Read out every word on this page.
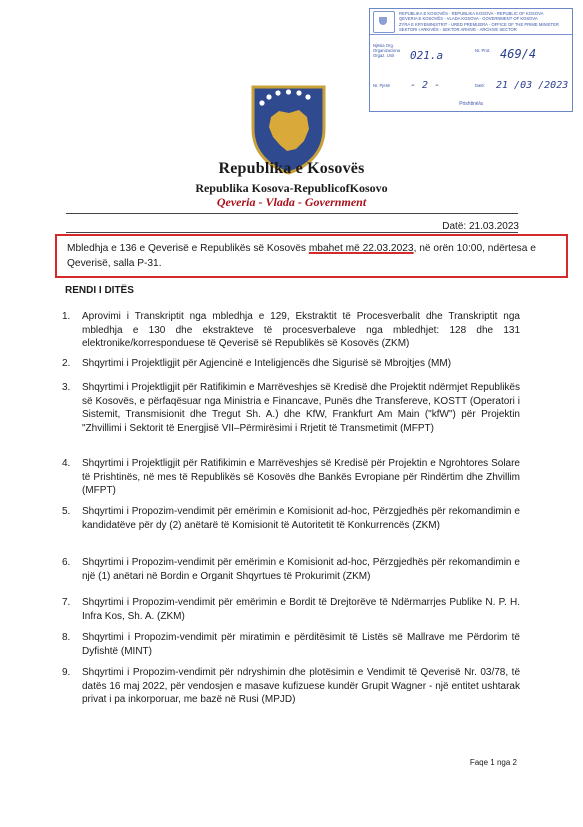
REPUBLIKA E KOSOVËS - REPUBLIKA KOSOVA - REPUBLIC OF KOSOVA
QEVERIA E KOSOVËS - VLADA KOSOVA - GOVERNMENT OF KOSOVA
ZYRA E KRYEMINISTRIT - URED PREMIJERA - OFFICE OF THE PRIME MINISTER
SEKTORI I ARKIVËS - SEKTOR ARHIVE - ARCHIVE SECTOR
Njësia Org. Organizaciona Orgaz. Unit	021.a	Nr. Prot. 469/4
Nr. Pjesë - 2 -	Datë: 21 /03 /2023
Prishtinë/a
Republika e Kosovës
Republika Kosova-RepublicofKosovo
Qeveria - Vlada - Government
Datë: 21.03.2023
Mbledhja e 136 e Qeverisë e Republikës së Kosovës mbahet më 22.03.2023, në orën 10:00, ndërtesa e Qeverisë, salla P-31.
RENDI I DITËS
1.	Aprovimi i Transkriptit nga mbledhja e 129, Ekstraktit të Procesverbalit dhe Transkriptit nga mbledhja e 130 dhe ekstrakteve të procesverbaleve nga mbledhjet: 128 dhe 131 elektronike/korresponduese të Qeverisë së Republikës së Kosovës (ZKM)
2.	Shqyrtimi i Projektligjit për Agjencinë e Inteligjencës dhe Sigurisë së Mbrojtjes (MM)
3.	Shqyrtimi i Projektligjit për Ratifikimin e Marrëveshjes së Kredisë dhe Projektit ndërmjet Republikës së Kosovës, e përfaqësuar nga Ministria e Financave, Punës dhe Transfereve, KOSTT (Operatori i Sistemit, Transmisionit dhe Tregut Sh. A.) dhe KfW, Frankfurt Am Main ("kfW") për Projektin "Zhvillimi i Sektorit të Energjisë VII–Përmirësimi i Rrjetit të Transmetimit (MFPT)
4.	Shqyrtimi i Projektligjit për Ratifikimin e Marrëveshjes së Kredisë për Projektin e Ngrohtores Solare të Prishtinës, në mes të Republikës së Kosovës dhe Bankës Evropiane për Rindërtim dhe Zhvillim (MFPT)
5.	Shqyrtimi i Propozim-vendimit për emërimin e Komisionit ad-hoc, Përzgjedhës për rekomandimin e kandidatëve për dy (2) anëtarë të Komisionit të Autoritetit të Konkurrencës (ZKM)
6.	Shqyrtimi i Propozim-vendimit për emërimin e Komisionit ad-hoc, Përzgjedhës për rekomandimin e një (1) anëtari në Bordin e Organit Shqyrtues të Prokurimit (ZKM)
7.	Shqyrtimi i Propozim-vendimit për emërimin e Bordit të Drejtorëve të Ndërmarrjes Publike N. P. H. Infra Kos, Sh. A. (ZKM)
8.	Shqyrtimi i Propozim-vendimit për miratimin e përditësimit të Listës së Mallrave me Përdorim të Dyfishtë (MINT)
9.	Shqyrtimi i Propozim-vendimit për ndryshimin dhe plotësimin e Vendimit të Qeverisë Nr. 03/78, të datës 16 maj 2022, për vendosjen e masave kufizuese kundër Grupit Wagner - një entitet ushtarak privat i pa inkorporuar, me bazë në Rusi (MPJD)
Faqe 1 nga 2
